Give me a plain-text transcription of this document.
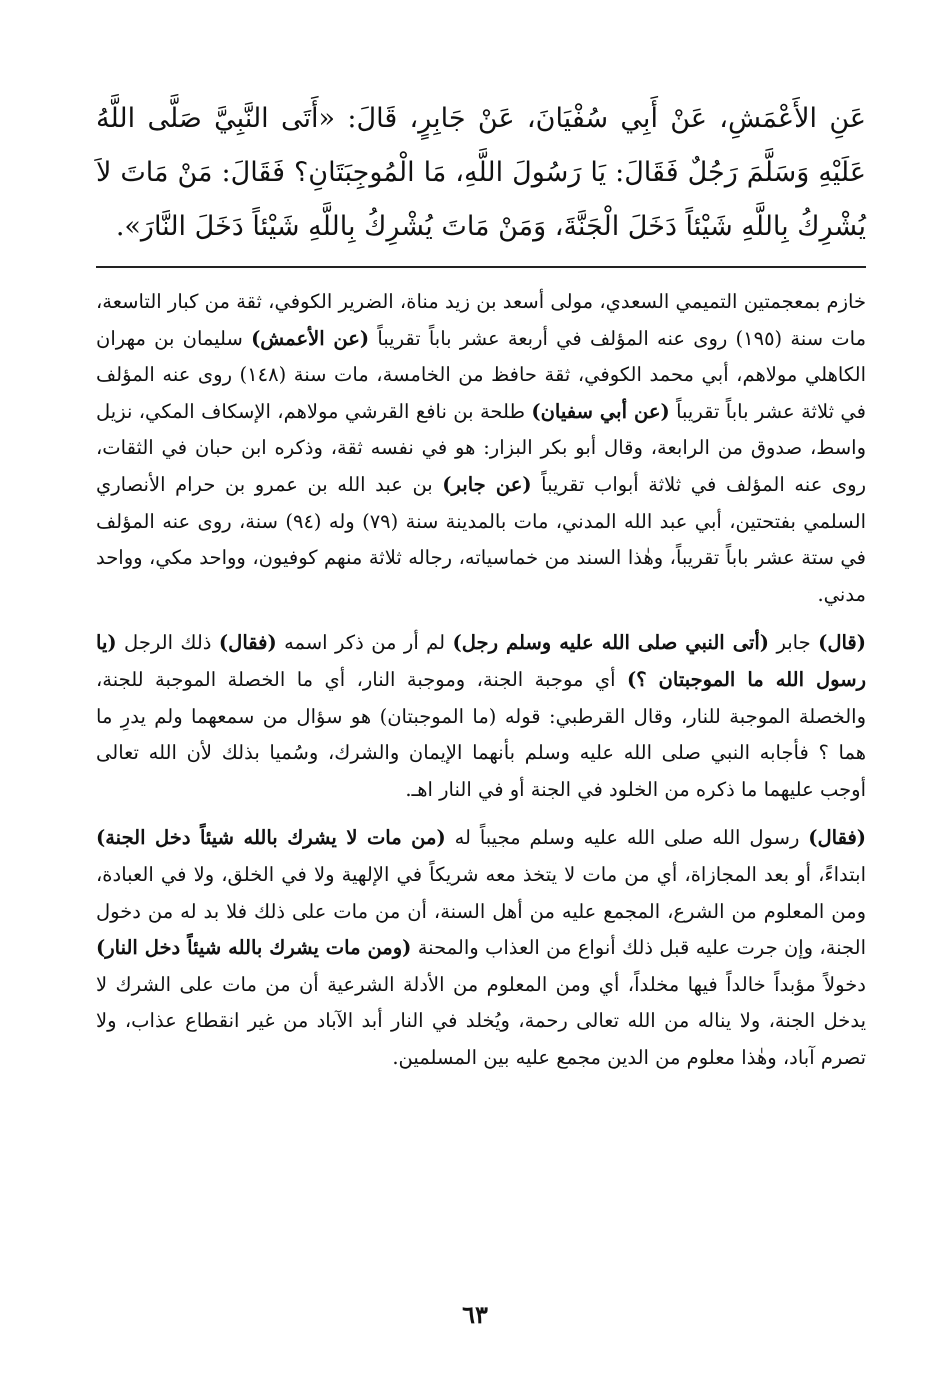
عَنِ الأَعْمَشِ، عَنْ أَبِي سُفْيَانَ، عَنْ جَابِرٍ، قَالَ: «أَتَى النَّبِيَّ صَلَّى اللَّهُ عَلَيْهِ وَسَلَّمَ رَجُلٌ فَقَالَ: يَا رَسُولَ اللَّهِ، مَا الْمُوجِبَتَانِ؟ فَقَالَ: مَنْ مَاتَ لاَ يُشْرِكُ بِاللَّهِ شَيْئاً دَخَلَ الْجَنَّةَ، وَمَنْ مَاتَ يُشْرِكُ بِاللَّهِ شَيْئاً دَخَلَ النَّارَ».

خازم بمعجمتين التميمي السعدي، مولى أسعد بن زيد مناة، الضرير الكوفي، ثقة من كبار التاسعة، مات سنة (١٩٥) روى عنه المؤلف في أربعة عشر باباً تقريباً (عن الأعمش) سليمان بن مهران الكاهلي مولاهم، أبي محمد الكوفي، ثقة حافظ من الخامسة، مات سنة (١٤٨) روى عنه المؤلف في ثلاثة عشر باباً تقريباً (عن أبي سفيان) طلحة بن نافع القرشي مولاهم، الإسكاف المكي، نزيل واسط، صدوق من الرابعة، وقال أبو بكر البزار: هو في نفسه ثقة، وذكره ابن حبان في الثقات، روى عنه المؤلف في ثلاثة أبواب تقريباً (عن جابر) بن عبد الله بن عمرو بن حرام الأنصاري السلمي بفتحتين، أبي عبد الله المدني، مات بالمدينة سنة (٧٩) وله (٩٤) سنة، روى عنه المؤلف في ستة عشر باباً تقريباً، وهٰذا السند من خماسياته، رجاله ثلاثة منهم كوفيون، وواحد مكي، وواحد مدني.

(قال) جابر (أتى النبي صلى الله عليه وسلم رجل) لم أر من ذكر اسمه (فقال) ذلك الرجل (يا رسول الله ما الموجبتان ؟) أي موجبة الجنة، وموجبة النار، أي ما الخصلة الموجبة للجنة، والخصلة الموجبة للنار، وقال القرطبي: قوله (ما الموجبتان) هو سؤال من سمعهما ولم يدرِ ما هما ؟ فأجابه النبي صلى الله عليه وسلم بأنهما الإيمان والشرك، وسُميا بذلك لأن الله تعالى أوجب عليهما ما ذكره من الخلود في الجنة أو في النار اهـ.

(فقال) رسول الله صلى الله عليه وسلم مجيباً له (من مات لا يشرك بالله شيئاً دخل الجنة) ابتداءً، أو بعد المجازاة، أي من مات لا يتخذ معه شريكاً في الإلهية ولا في الخلق، ولا في العبادة، ومن المعلوم من الشرع، المجمع عليه من أهل السنة، أن من مات على ذلك فلا بد له من دخول الجنة، وإن جرت عليه قبل ذلك أنواع من العذاب والمحنة (ومن مات يشرك بالله شيئاً دخل النار) دخولاً مؤبداً خالداً فيها مخلداً، أي ومن المعلوم من الأدلة الشرعية أن من مات على الشرك لا يدخل الجنة، ولا يناله من الله تعالى رحمة، ويُخلد في النار أبد الآباد من غير انقطاع عذاب، ولا تصرم آباد، وهٰذا معلوم من الدين مجمع عليه بين المسلمين.

٦٣
